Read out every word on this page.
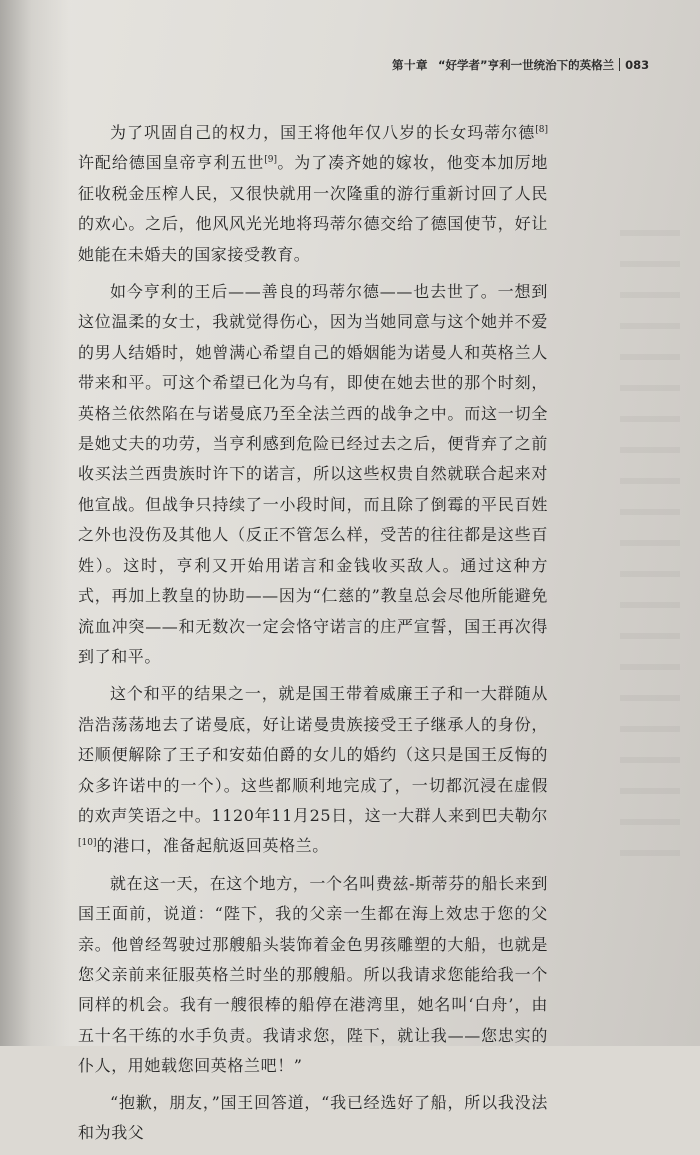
第十章 “好学者”亨利一世统治下的英格兰 083

为了巩固自己的权力，国王将他年仅八岁的长女玛蒂尔德[8]许配给德国皇帝亨利五世[9]。为了凑齐她的嫁妆，他变本加厉地征收税金压榨人民，又很快就用一次隆重的游行重新讨回了人民的欢心。之后，他风风光光地将玛蒂尔德交给了德国使节，好让她能在未婚夫的国家接受教育。

如今亨利的王后——善良的玛蒂尔德——也去世了。一想到这位温柔的女士，我就觉得伤心，因为当她同意与这个她并不爱的男人结婚时，她曾满心希望自己的婚姻能为诺曼人和英格兰人带来和平。可这个希望已化为乌有，即使在她去世的那个时刻，英格兰依然陷在与诺曼底乃至全法兰西的战争之中。而这一切全是她丈夫的功劳，当亨利感到危险已经过去之后，便背弃了之前收买法兰西贵族时许下的诺言，所以这些权贵自然就联合起来对他宣战。但战争只持续了一小段时间，而且除了倒霉的平民百姓之外也没伤及其他人（反正不管怎么样，受苦的往往都是这些百姓）。这时，亨利又开始用诺言和金钱收买敌人。通过这种方式，再加上教皇的协助——因为“仁慈的”教皇总会尽他所能避免流血冲突——和无数次一定会恪守诺言的庄严宣誓，国王再次得到了和平。

这个和平的结果之一，就是国王带着威廉王子和一大群随从浩浩荡荡地去了诺曼底，好让诺曼贵族接受王子继承人的身份，还顺便解除了王子和安茹伯爵的女儿的婚约（这只是国王反悔的众多许诺中的一个）。这些都顺利地完成了，一切都沉浸在虚假的欢声笑语之中。1120年11月25日，这一大群人来到巴夫勒尔[10]的港口，准备起航返回英格兰。

就在这一天，在这个地方，一个名叫费兹-斯蒂芬的船长来到国王面前，说道：“陛下，我的父亲一生都在海上效忠于您的父亲。他曾经驾驶过那艘船头装饰着金色男孩雕塑的大船，也就是您父亲前来征服英格兰时坐的那艘船。所以我请求您能给我一个同样的机会。我有一艘很棒的船停在港湾里，她名叫‘白舟’，由五十名干练的水手负责。我请求您，陛下，就让我——您忠实的仆人，用她载您回英格兰吧！”

“抱歉，朋友，”国王回答道，“我已经选好了船，所以我没法和为我父
